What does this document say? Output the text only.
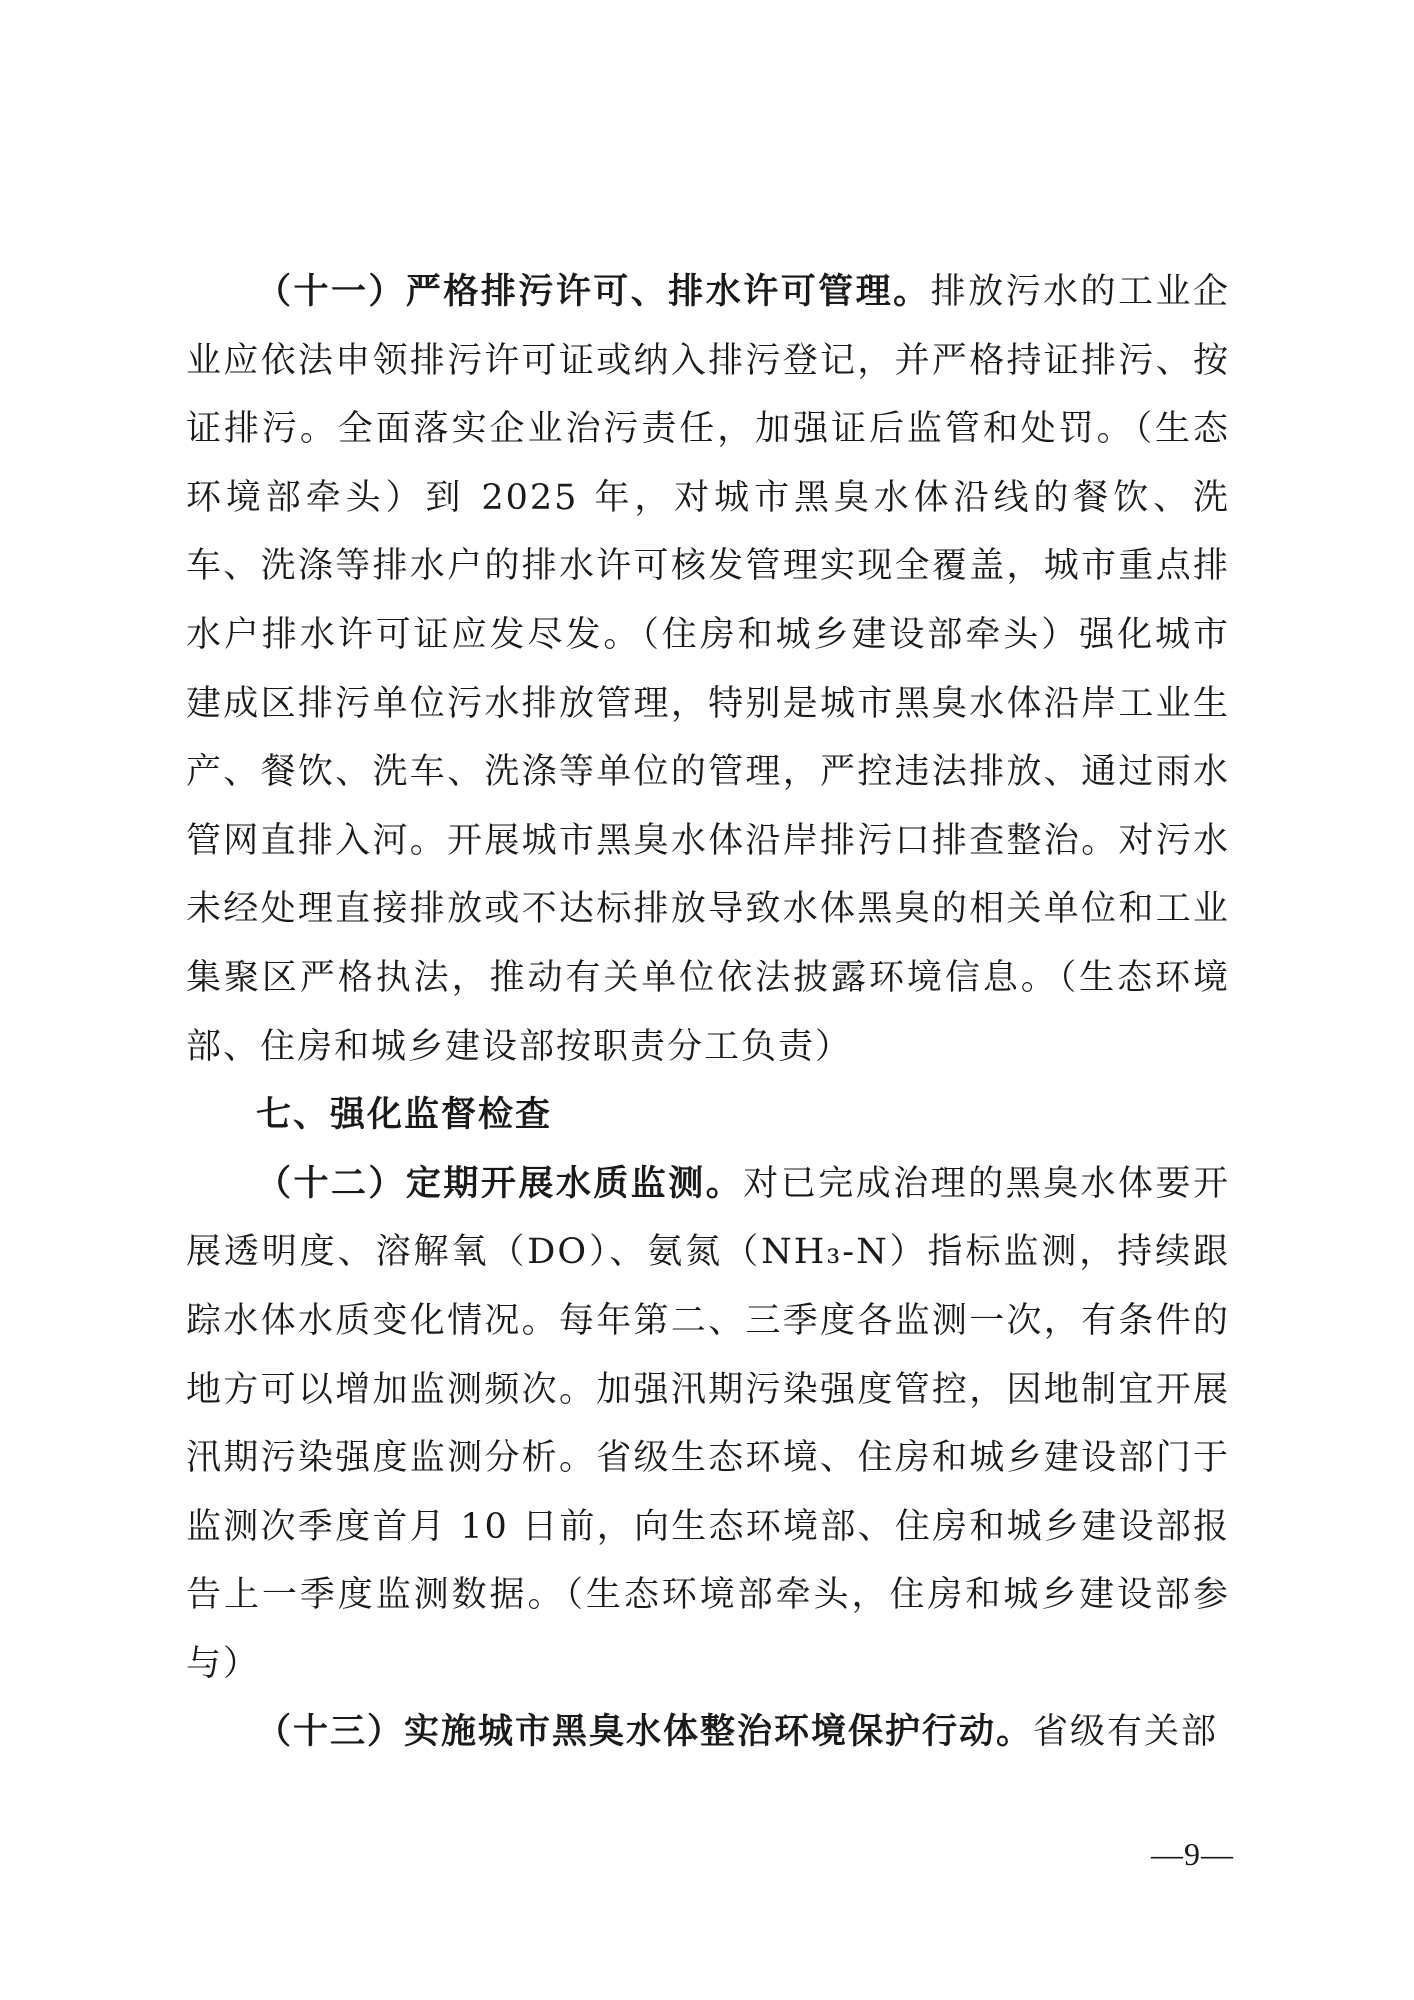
（十一）严格排污许可、排水许可管理。排放污水的工业企业应依法申领排污许可证或纳入排污登记，并严格持证排污、按证排污。全面落实企业治污责任，加强证后监管和处罚。（生态环境部牵头）到 2025 年，对城市黑臭水体沿线的餐饮、洗车、洗涤等排水户的排水许可核发管理实现全覆盖，城市重点排水户排水许可证应发尽发。（住房和城乡建设部牵头）强化城市建成区排污单位污水排放管理，特别是城市黑臭水体沿岸工业生产、餐饮、洗车、洗涤等单位的管理，严控违法排放、通过雨水管网直排入河。开展城市黑臭水体沿岸排污口排查整治。对污水未经处理直接排放或不达标排放导致水体黑臭的相关单位和工业集聚区严格执法，推动有关单位依法披露环境信息。（生态环境部、住房和城乡建设部按职责分工负责）

七、强化监督检查

（十二）定期开展水质监测。对已完成治理的黑臭水体要开展透明度、溶解氧（DO）、氨氮（NH₃-N）指标监测，持续跟踪水体水质变化情况。每年第二、三季度各监测一次，有条件的地方可以增加监测频次。加强汛期污染强度管控，因地制宜开展汛期污染强度监测分析。省级生态环境、住房和城乡建设部门于监测次季度首月 10 日前，向生态环境部、住房和城乡建设部报告上一季度监测数据。（生态环境部牵头，住房和城乡建设部参与）

（十三）实施城市黑臭水体整治环境保护行动。省级有关部

—9—
